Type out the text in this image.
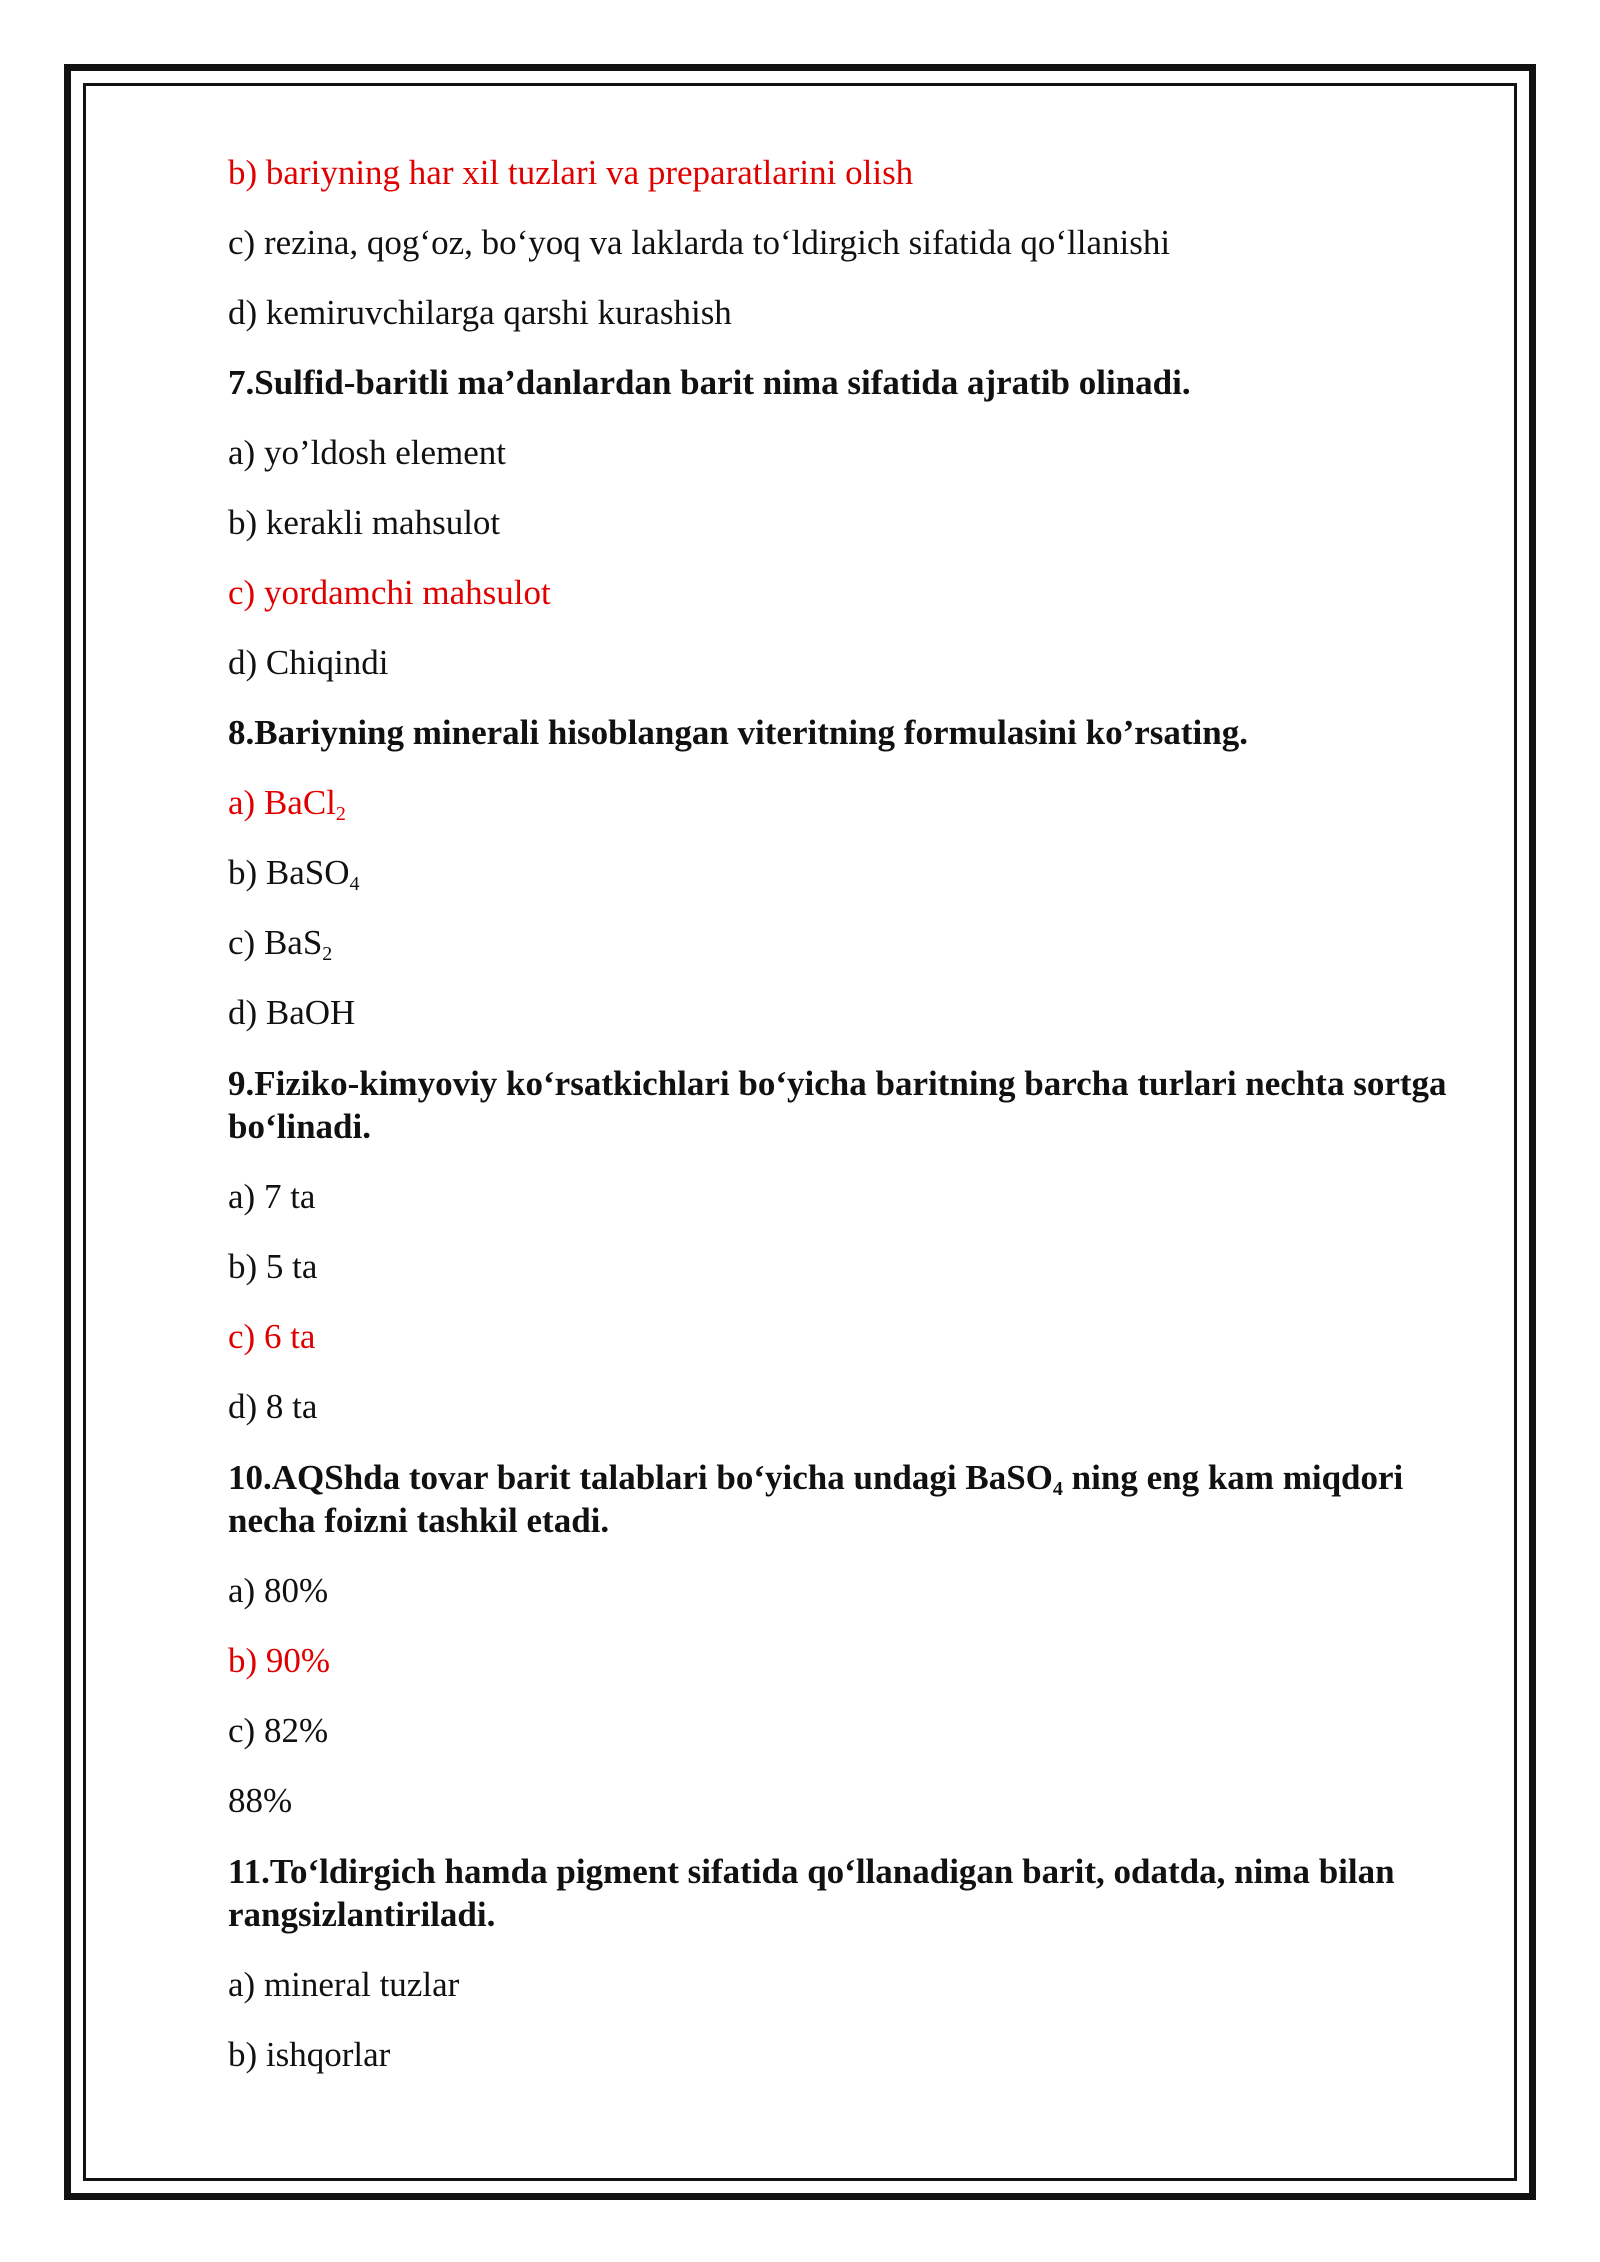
b) bariyning har xil tuzlari va preparatlarini olish
c) rezina, qog‘oz, bo‘yoq va laklarda to‘ldirgich sifatida qo‘llanishi
d) kemiruvchilarga qarshi kurashish
7.Sulfid-baritli ma’danlardan barit nima sifatida ajratib olinadi.
a) yo’ldosh element
b) kerakli mahsulot
c) yordamchi mahsulot
d) Chiqindi
8.Bariyning minerali hisoblangan viteritning formulasini ko’rsating.
a) BaCl$_2$
b) BaSO$_4$
c) BaS$_2$
d) BaOH
9.Fiziko-kimyoviy ko‘rsatkichlari bo‘yicha baritning barcha turlari nechta sortga bo‘linadi.
a) 7 ta
b) 5 ta
c) 6 ta
d) 8 ta
10.AQShda tovar barit talablari bo‘yicha undagi BaSO$_4$ ning eng kam miqdori necha foizni tashkil etadi.
a) 80%
b) 90%
c) 82%
88%
11.To‘ldirgich hamda pigment sifatida qo‘llanadigan barit, odatda, nima bilan rangsizlantiriladi.
a) mineral tuzlar
b) ishqorlar
